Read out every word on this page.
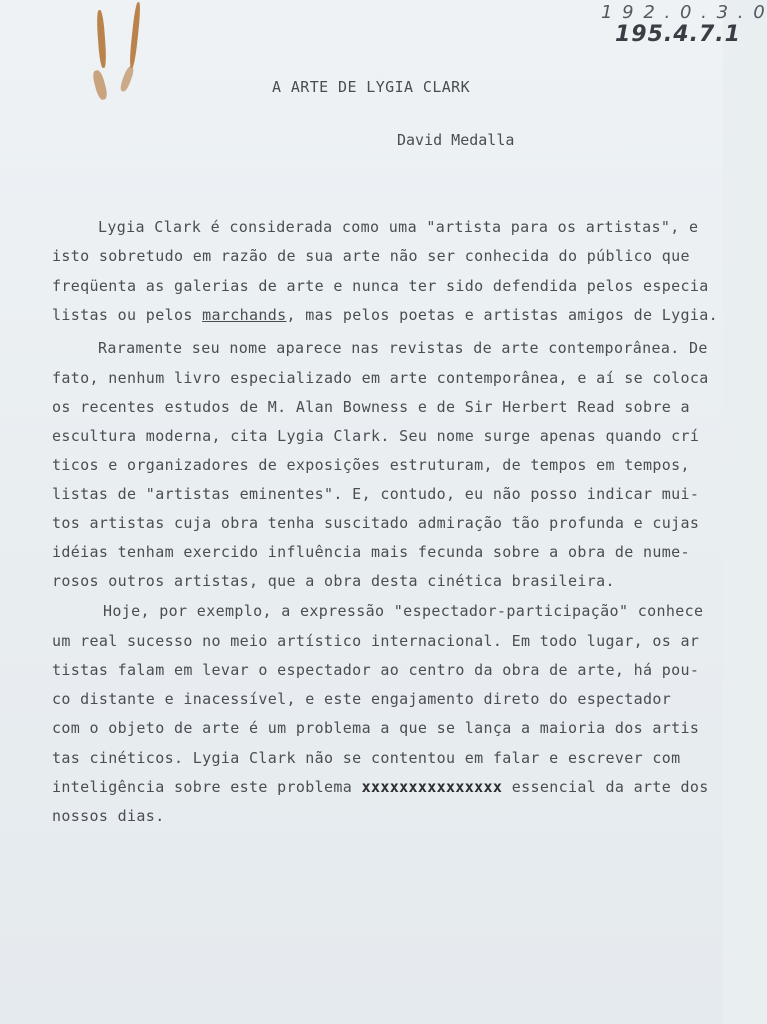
1 9 2 . 0 . 3 . 0
195.4.7.1
A ARTE DE LYGIA CLARK
David Medalla
Lygia Clark é considerada como uma "artista para os artistas", e
isto sobretudo em razão de sua arte não ser conhecida do público que
freqüenta as galerias de arte e nunca ter sido defendida pelos especia
listas ou pelos marchands, mas pelos poetas e artistas amigos de Lygia.
Raramente seu nome aparece nas revistas de arte contemporânea. De
fato, nenhum livro especializado em arte contemporânea, e aí se coloca
os recentes estudos de M. Alan Bowness e de Sir Herbert Read sobre a
escultura moderna, cita Lygia Clark. Seu nome surge apenas quando crí
ticos e organizadores de exposições estruturam, de tempos em tempos,
listas de "artistas eminentes". E, contudo, eu não posso indicar mui-
tos artistas cuja obra tenha suscitado admiração tão profunda e cujas
idéias tenham exercido influência mais fecunda sobre a obra de nume-
rosos outros artistas, que a obra desta cinética brasileira.
Hoje, por exemplo, a expressão "espectador-participação" conhece
um real sucesso no meio artístico internacional. Em todo lugar, os ar
tistas falam em levar o espectador ao centro da obra de arte, há pou-
co distante e inacessível, e este engajamento direto do espectador
com o objeto de arte é um problema a que se lança a maioria dos artis
tas cinéticos. Lygia Clark não se contentou em falar e escrever com
inteligência sobre este problema xxxxxxxxxxxxxxx essencial da arte dos
nossos dias.
